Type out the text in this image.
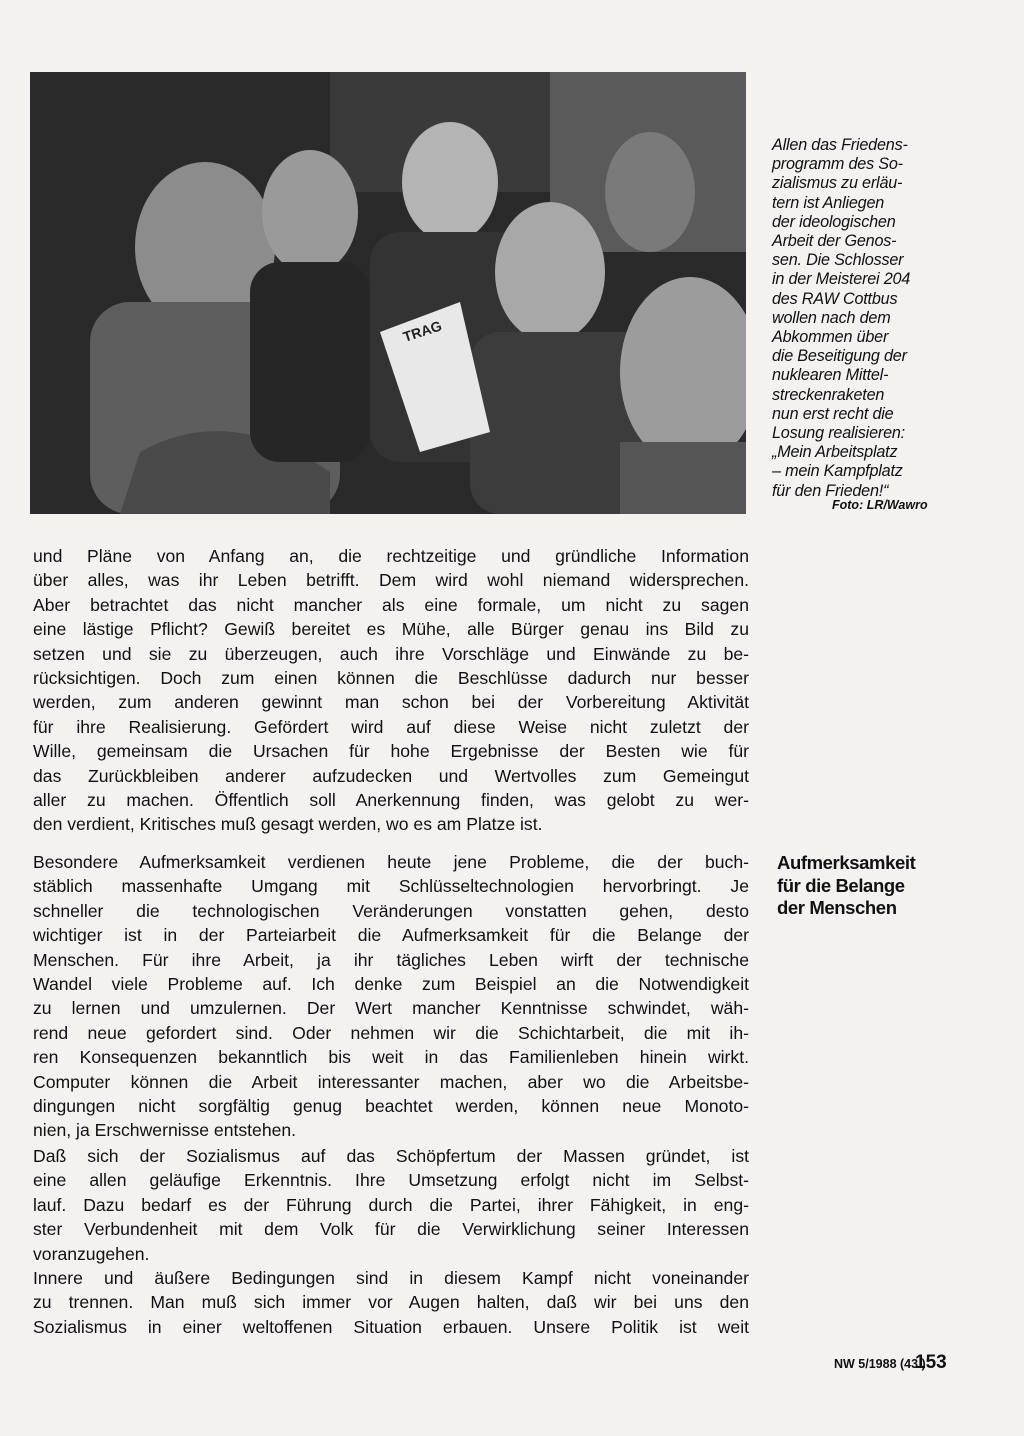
TRAG
Allen das Friedens-
programm des So-
zialismus zu erläu-
tern ist Anliegen
der ideologischen
Arbeit der Genos-
sen. Die Schlosser
in der Meisterei 204
des RAW Cottbus
wollen nach dem
Abkommen über
die Beseitigung der
nuklearen Mittel-
streckenraketen
nun erst recht die
Losung realisieren:
„Mein Arbeitsplatz
– mein Kampfplatz
für den Frieden!“
Foto: LR/Wawro
und Pläne von Anfang an, die rechtzeitige und gründliche Information
über alles, was ihr Leben betrifft. Dem wird wohl niemand widersprechen.
Aber betrachtet das nicht mancher als eine formale, um nicht zu sagen
eine lästige Pflicht? Gewiß bereitet es Mühe, alle Bürger genau ins Bild zu
setzen und sie zu überzeugen, auch ihre Vorschläge und Einwände zu be-
rücksichtigen. Doch zum einen können die Beschlüsse dadurch nur besser
werden, zum anderen gewinnt man schon bei der Vorbereitung Aktivität
für ihre Realisierung. Gefördert wird auf diese Weise nicht zuletzt der
Wille, gemeinsam die Ursachen für hohe Ergebnisse der Besten wie für
das Zurückbleiben anderer aufzudecken und Wertvolles zum Gemeingut
aller zu machen. Öffentlich soll Anerkennung finden, was gelobt zu wer-
den verdient, Kritisches muß gesagt werden, wo es am Platze ist.
Besondere Aufmerksamkeit verdienen heute jene Probleme, die der buch-
stäblich massenhafte Umgang mit Schlüsseltechnologien hervorbringt. Je
schneller die technologischen Veränderungen vonstatten gehen, desto
wichtiger ist in der Parteiarbeit die Aufmerksamkeit für die Belange der
Menschen. Für ihre Arbeit, ja ihr tägliches Leben wirft der technische
Wandel viele Probleme auf. Ich denke zum Beispiel an die Notwendigkeit
zu lernen und umzulernen. Der Wert mancher Kenntnisse schwindet, wäh-
rend neue gefordert sind. Oder nehmen wir die Schichtarbeit, die mit ih-
ren Konsequenzen bekanntlich bis weit in das Familienleben hinein wirkt.
Computer können die Arbeit interessanter machen, aber wo die Arbeitsbe-
dingungen nicht sorgfältig genug beachtet werden, können neue Monoto-
nien, ja Erschwernisse entstehen.
Daß sich der Sozialismus auf das Schöpfertum der Massen gründet, ist
eine allen geläufige Erkenntnis. Ihre Umsetzung erfolgt nicht im Selbst-
lauf. Dazu bedarf es der Führung durch die Partei, ihrer Fähigkeit, in eng-
ster Verbundenheit mit dem Volk für die Verwirklichung seiner Interessen
voranzugehen.
Innere und äußere Bedingungen sind in diesem Kampf nicht voneinander
zu trennen. Man muß sich immer vor Augen halten, daß wir bei uns den
Sozialismus in einer weltoffenen Situation erbauen. Unsere Politik ist weit
Aufmerksamkeit
für die Belange
der Menschen
NW 5/1988 (43.)
153
